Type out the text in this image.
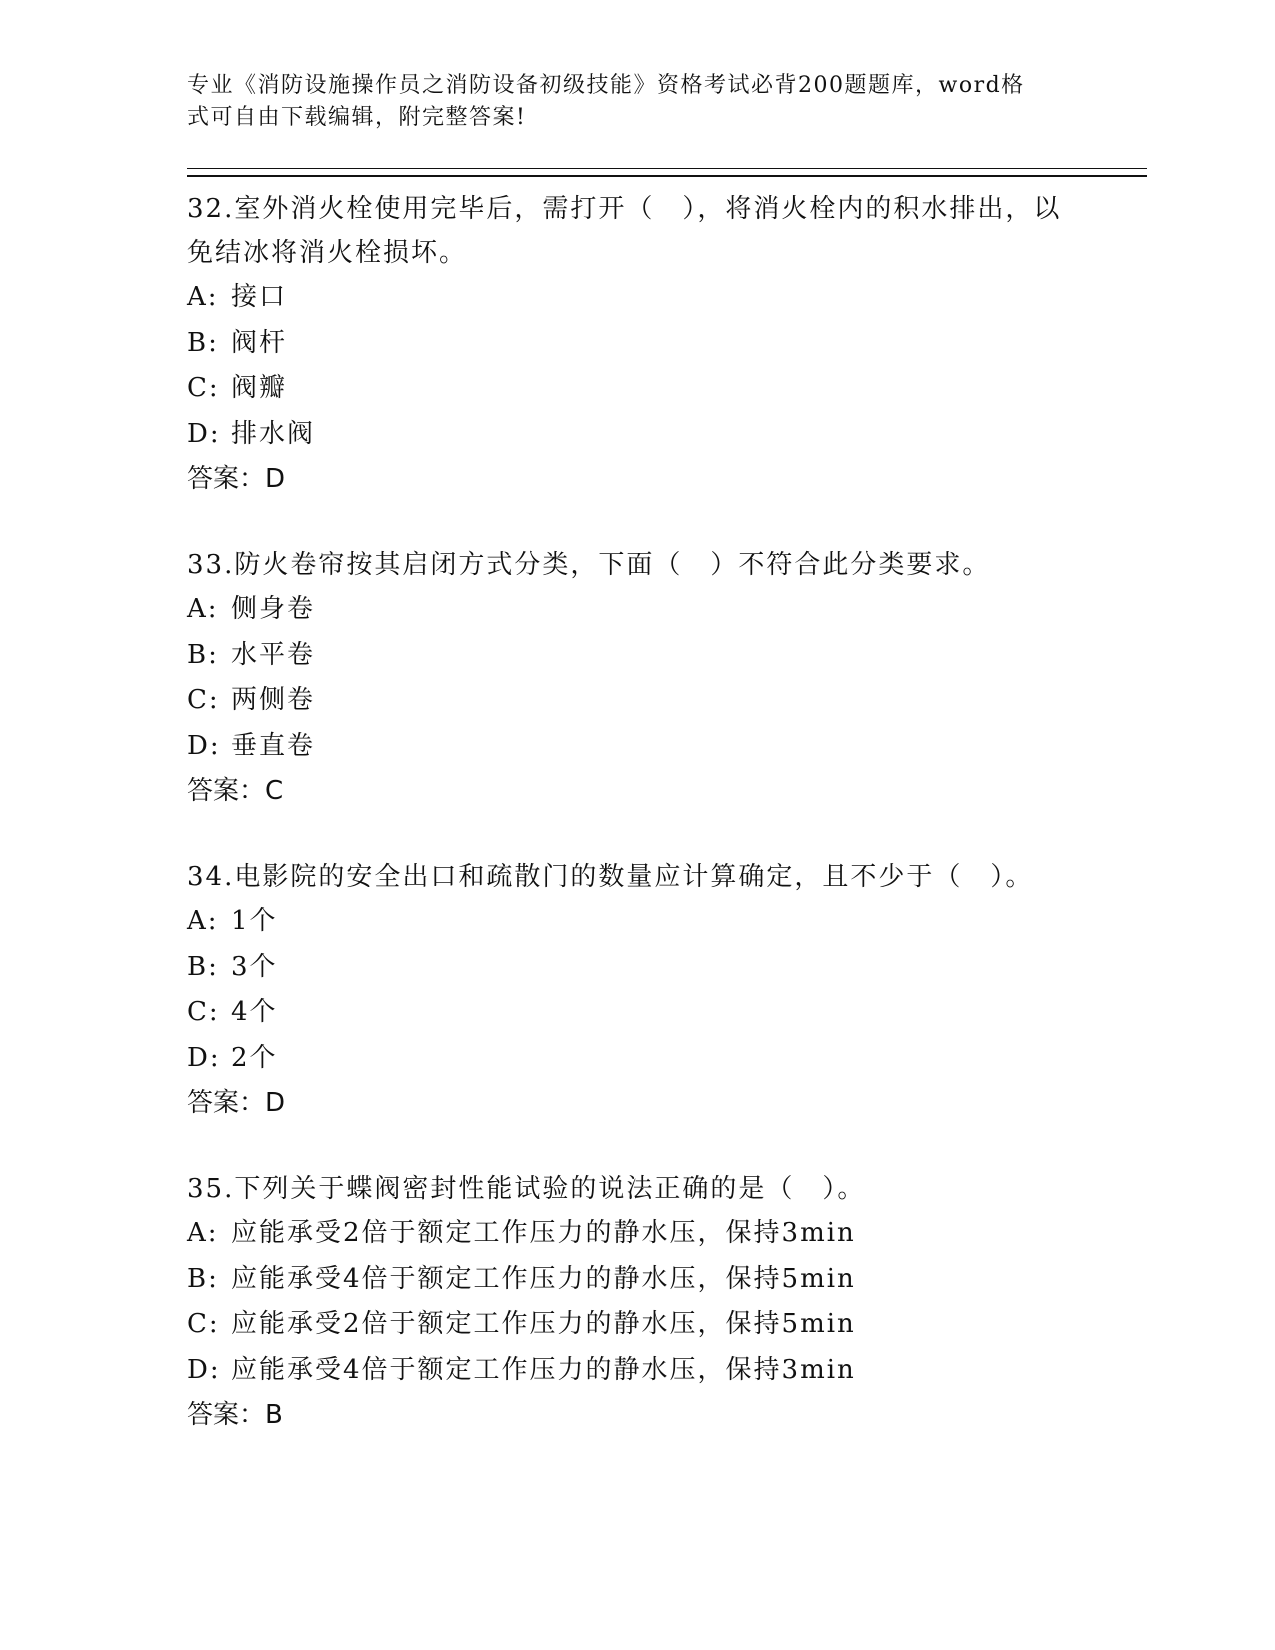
专业《消防设施操作员之消防设备初级技能》资格考试必背200题题库，word格式可自由下载编辑，附完整答案!

32.室外消火栓使用完毕后，需打开（　），将消火栓内的积水排出，以免结冰将消火栓损坏。

A: 接口

B: 阀杆

C: 阀瓣

D: 排水阀

答案：D

33.防火卷帘按其启闭方式分类，下面（　）不符合此分类要求。

A: 侧身卷

B: 水平卷

C: 两侧卷

D: 垂直卷

答案：C

34.电影院的安全出口和疏散门的数量应计算确定，且不少于（　）。

A: 1个

B: 3个

C: 4个

D: 2个

答案：D

35.下列关于蝶阀密封性能试验的说法正确的是（　）。

A: 应能承受2倍于额定工作压力的静水压，保持3min

B: 应能承受4倍于额定工作压力的静水压，保持5min

C: 应能承受2倍于额定工作压力的静水压，保持5min

D: 应能承受4倍于额定工作压力的静水压，保持3min

答案：B
